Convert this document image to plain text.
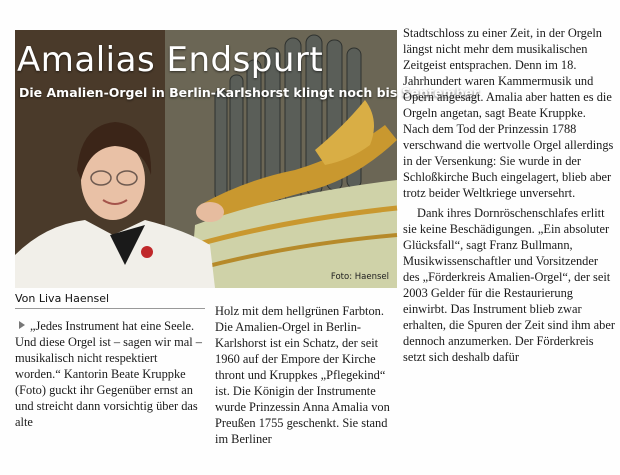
Amalias Endspurt
Die Amalien-Orgel in Berlin-Karlshorst klingt noch bis September
Foto: Haensel
Von Liva Haensel

„Jedes Instrument hat eine Seele. Und diese Orgel ist – sagen wir mal – musikalisch nicht respektiert worden.“ Kantorin Beate Kruppke (Foto) guckt ihr Gegenüber ernst an und streicht dann vorsichtig über das alte

Holz mit dem hellgrünen Farbton. Die Amalien-Orgel in Berlin-Karlshorst ist ein Schatz, der seit 1960 auf der Empore der Kirche thront und Kruppkes „Pflegekind“ ist. Die Königin der Instrumente wurde Prinzessin Anna Amalia von Preußen 1755 geschenkt. Sie stand im Berliner

Stadtschloss zu einer Zeit, in der Orgeln längst nicht mehr dem musikalischen Zeitgeist entsprachen. Denn im 18. Jahrhundert waren Kammermusik und Opern angesagt. Amalia aber hatten es die Orgeln angetan, sagt Beate Kruppke. Nach dem Tod der Prinzessin 1788 verschwand die wertvolle Orgel allerdings in der Versenkung: Sie wurde in der Schloßkirche Buch eingelagert, blieb aber trotz beider Weltkriege unversehrt.

Dank ihres Dornröschenschlafes erlitt sie keine Beschädigungen. „Ein absoluter Glücksfall“, sagt Franz Bullmann, Musikwissenschaftler und Vorsitzender des „Förderkreis Amalien-Orgel“, der seit 2003 Gelder für die Restaurierung einwirbt. Das Instrument blieb zwar erhalten, die Spuren der Zeit sind ihm aber dennoch anzumerken. Der Förderkreis setzt sich deshalb dafür
